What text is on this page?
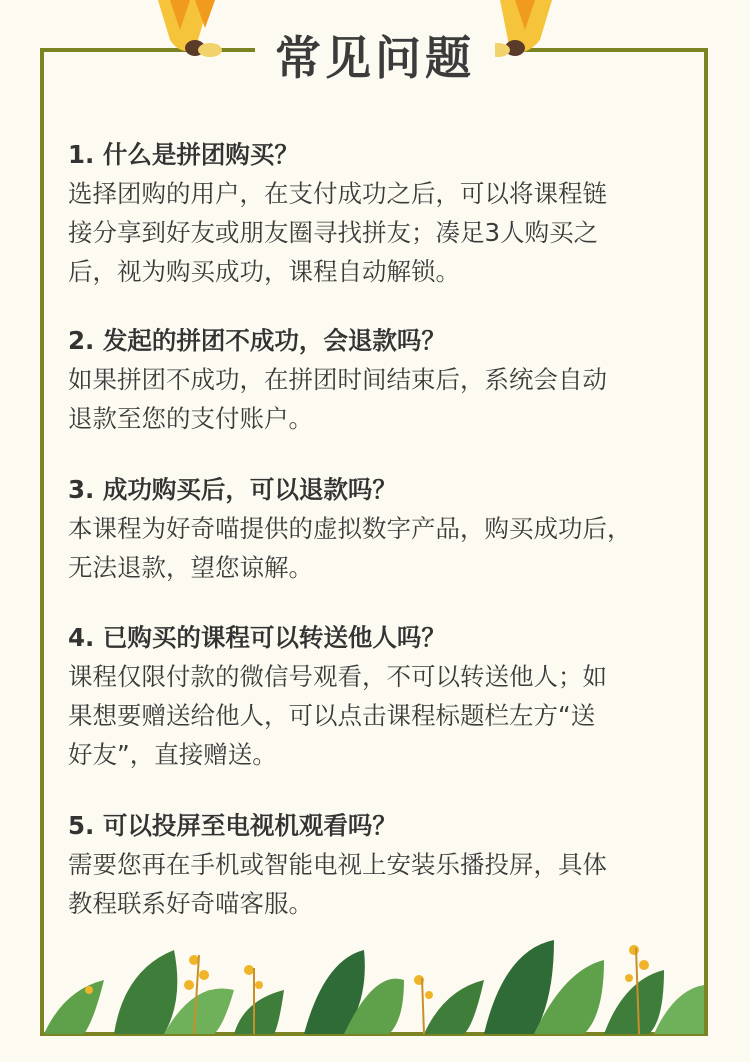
常见问题
1. 什么是拼团购买？
选择团购的用户，在支付成功之后，可以将课程链
接分享到好友或朋友圈寻找拼友；凑足3人购买之
后，视为购买成功，课程自动解锁。
2. 发起的拼团不成功，会退款吗？
如果拼团不成功，在拼团时间结束后，系统会自动
退款至您的支付账户。
3. 成功购买后，可以退款吗？
本课程为好奇喵提供的虚拟数字产品，购买成功后，
无法退款，望您谅解。
4. 已购买的课程可以转送他人吗？
课程仅限付款的微信号观看，不可以转送他人；如
果想要赠送给他人，可以点击课程标题栏左方“送
好友”，直接赠送。
5. 可以投屏至电视机观看吗？
需要您再在手机或智能电视上安装乐播投屏，具体
教程联系好奇喵客服。
